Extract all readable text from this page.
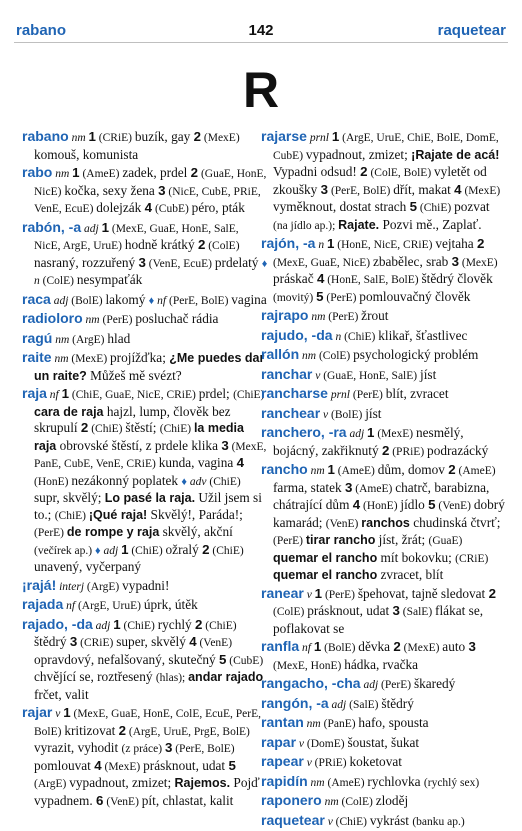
rabano	142	raquetear
R

rabano nm 1 (CRiE) buzík, gay 2 (MexE) komouš, komunista

rabo nm 1 (AmeE) zadek, prdel 2 (GuaE, HonE, NicE) kočka, sexy žena 3 (NicE, CubE, PRiE, VenE, EcuE) dolejzák 4 (CubE) péro, pták

rabón, -a adj 1 (MexE, GuaE, HonE, SalE, NicE, ArgE, UruE) hodně krátký 2 (ColE) nasraný, rozzuřený 3 (VenE, EcuE) prdelatý ♦ n (ColE) nesympaťák

raca adj (BolE) lakomý ♦ nf (PerE, BolE) vagina

radioloro nm (PerE) posluchač rádia

ragú nm (ArgE) hlad

raite nm (MexE) projížďka; ¿Me puedes dar un raite? Můžeš mě svézt?

raja nf 1 (ChiE, GuaE, NicE, CRiE) prdel; (ChiE) cara de raja hajzl, lump, člověk bez skrupulí 2 (ChiE) štěstí; (ChiE) la media raja obrovské štěstí, z prdele klika 3 (MexE, PanE, CubE, VenE, CRiE) kunda, vagina 4 (HonE) nezákonný poplatek ♦ adv (ChiE) supr, skvělý; Lo pasé la raja. Užil jsem si to.; (ChiE) ¡Qué raja! Skvělý!, Paráda!; (PerE) de rompe y raja skvělý, akční (večírek ap.) ♦ adj 1 (ChiE) ožralý 2 (ChiE) unavený, vyčerpaný

¡rajá! interj (ArgE) vypadni!

rajada nf (ArgE, UruE) úprk, útěk

rajado, -da adj 1 (ChiE) rychlý 2 (ChiE) štědrý 3 (CRiE) super, skvělý 4 (VenE) opravdový, nefalšovaný, skutečný 5 (CubE) chvějící se, roztřesený (hlas); andar rajado frčet, valit

rajar v 1 (MexE, GuaE, HonE, ColE, EcuE, PerE, BolE) kritizovat 2 (ArgE, UruE, PrgE, BolE) vyrazit, vyhodit (z práce) 3 (PerE, BolE) pomlouvat 4 (MexE) prásknout, udat 5 (ArgE) vypadnout, zmizet; Rajemos. Pojď vypadnem. 6 (VenE) pít, chlastat, kalit

rajarse prnl 1 (ArgE, UruE, ChiE, BolE, DomE, CubE) vypadnout, zmizet; ¡Rajate de acá! Vypadni odsud! 2 (ColE, BolE) vyletět od zkoušky 3 (PerE, BolE) dřít, makat 4 (MexE) vyměknout, dostat strach 5 (ChiE) pozvat (na jídlo ap.); Rajate. Pozvi mě., Zaplať.

rajón, -a n 1 (HonE, NicE, CRiE) vejtaha 2 (MexE, GuaE, NicE) zbabělec, srab 3 (MexE) práskač 4 (HonE, SalE, BolE) štědrý člověk (movitý) 5 (PerE) pomlouvačný člověk

rajrapo nm (PerE) žrout

rajudo, -da n (ChiE) klikař, šťastlivec

rallón nm (ColE) psychologický problém

ranchar v (GuaE, HonE, SalE) jíst

rancharse prnl (PerE) blít, zvracet

ranchear v (BolE) jíst

ranchero, -ra adj 1 (MexE) nesmělý, bojácný, zakřiknutý 2 (PRiE) podrazácký

rancho nm 1 (AmeE) dům, domov 2 (AmeE) farma, statek 3 (AmeE) chatrč, barabizna, chátrající dům 4 (HonE) jídlo 5 (VenE) dobrý kamarád; (VenE) ranchos chudinská čtvrť; (PerE) tirar rancho jíst, žrát; (GuaE) quemar el rancho mít bokovku; (CRiE) quemar el rancho zvracet, blít

ranear v 1 (PerE) špehovat, tajně sledovat 2 (ColE) prásknout, udat 3 (SalE) flákat se, poflakovat se

ranfla nf 1 (BolE) děvka 2 (MexE) auto 3 (MexE, HonE) hádka, rvačka

rangacho, -cha adj (PerE) škaredý

rangón, -a adj (SalE) štědrý

rantan nm (PanE) hafo, spousta

rapar v (DomE) šoustat, šukat

rapear v (PRiE) koketovat

rapidín nm (AmeE) rychlovka (rychlý sex)

raponero nm (ColE) zloděj

raquetear v (ChiE) vykrást (banku ap.)
